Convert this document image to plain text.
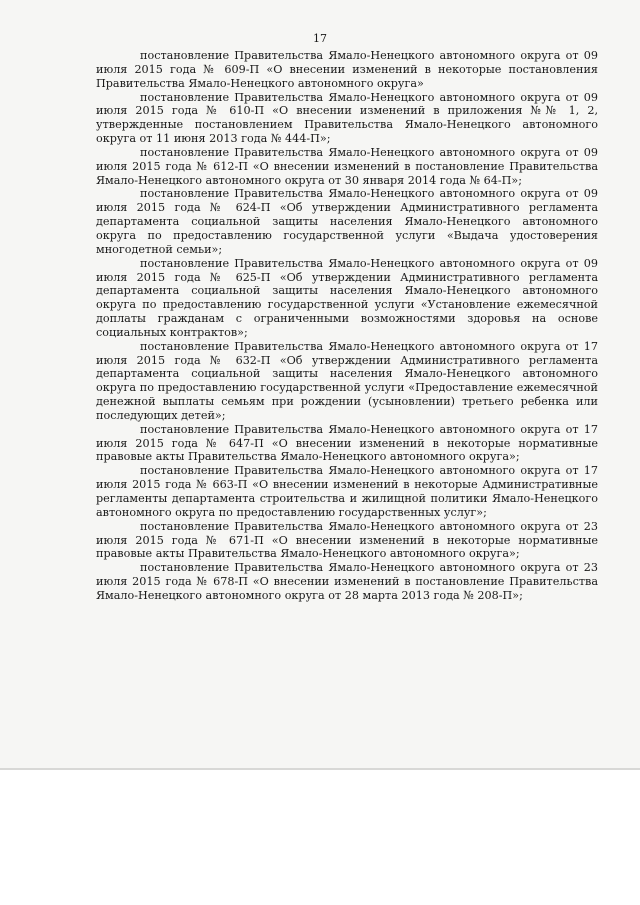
17

постановление Правительства Ямало-Ненецкого автономного округа от 09 июля 2015 года № 609-П «О внесении изменений в некоторые постановления Правительства Ямало-Ненецкого автономного округа»

постановление Правительства Ямало-Ненецкого автономного округа от 09 июля 2015 года № 610-П «О внесении изменений в приложения №№ 1, 2, утвержденные постановлением Правительства Ямало-Ненецкого автономного округа от 11 июня 2013 года № 444-П»;

постановление Правительства Ямало-Ненецкого автономного округа от 09 июля 2015 года № 612-П «О внесении изменений в постановление Правительства Ямало-Ненецкого автономного округа от 30 января 2014 года № 64-П»;

постановление Правительства Ямало-Ненецкого автономного округа от 09 июля 2015 года № 624-П «Об утверждении Административного регламента департамента социальной защиты населения Ямало-Ненецкого автономного округа по предоставлению государственной услуги «Выдача удостоверения многодетной семьи»;

постановление Правительства Ямало-Ненецкого автономного округа от 09 июля 2015 года № 625-П «Об утверждении Административного регламента департамента социальной защиты населения Ямало-Ненецкого автономного округа по предоставлению государственной услуги «Установление ежемесячной доплаты гражданам с ограниченными возможностями здоровья на основе социальных контрактов»;

постановление Правительства Ямало-Ненецкого автономного округа от 17 июля 2015 года № 632-П «Об утверждении Административного регламента департамента социальной защиты населения Ямало-Ненецкого автономного округа по предоставлению государственной услуги «Предоставление ежемесячной денежной выплаты семьям при рождении (усыновлении) третьего ребенка или последующих детей»;

постановление Правительства Ямало-Ненецкого автономного округа от 17 июля 2015 года № 647-П «О внесении изменений в некоторые нормативные правовые акты Правительства Ямало-Ненецкого автономного округа»;

постановление Правительства Ямало-Ненецкого автономного округа от 17 июля 2015 года № 663-П «О внесении изменений в некоторые Административные регламенты департамента строительства и жилищной политики Ямало-Ненецкого автономного округа по предоставлению государственных услуг»;

постановление Правительства Ямало-Ненецкого автономного округа от 23 июля 2015 года № 671-П «О внесении изменений в некоторые нормативные правовые акты Правительства Ямало-Ненецкого автономного округа»;

постановление Правительства Ямало-Ненецкого автономного округа от 23 июля 2015 года № 678-П «О внесении изменений в постановление Правительства Ямало-Ненецкого автономного округа от 28 марта 2013 года № 208-П»;
